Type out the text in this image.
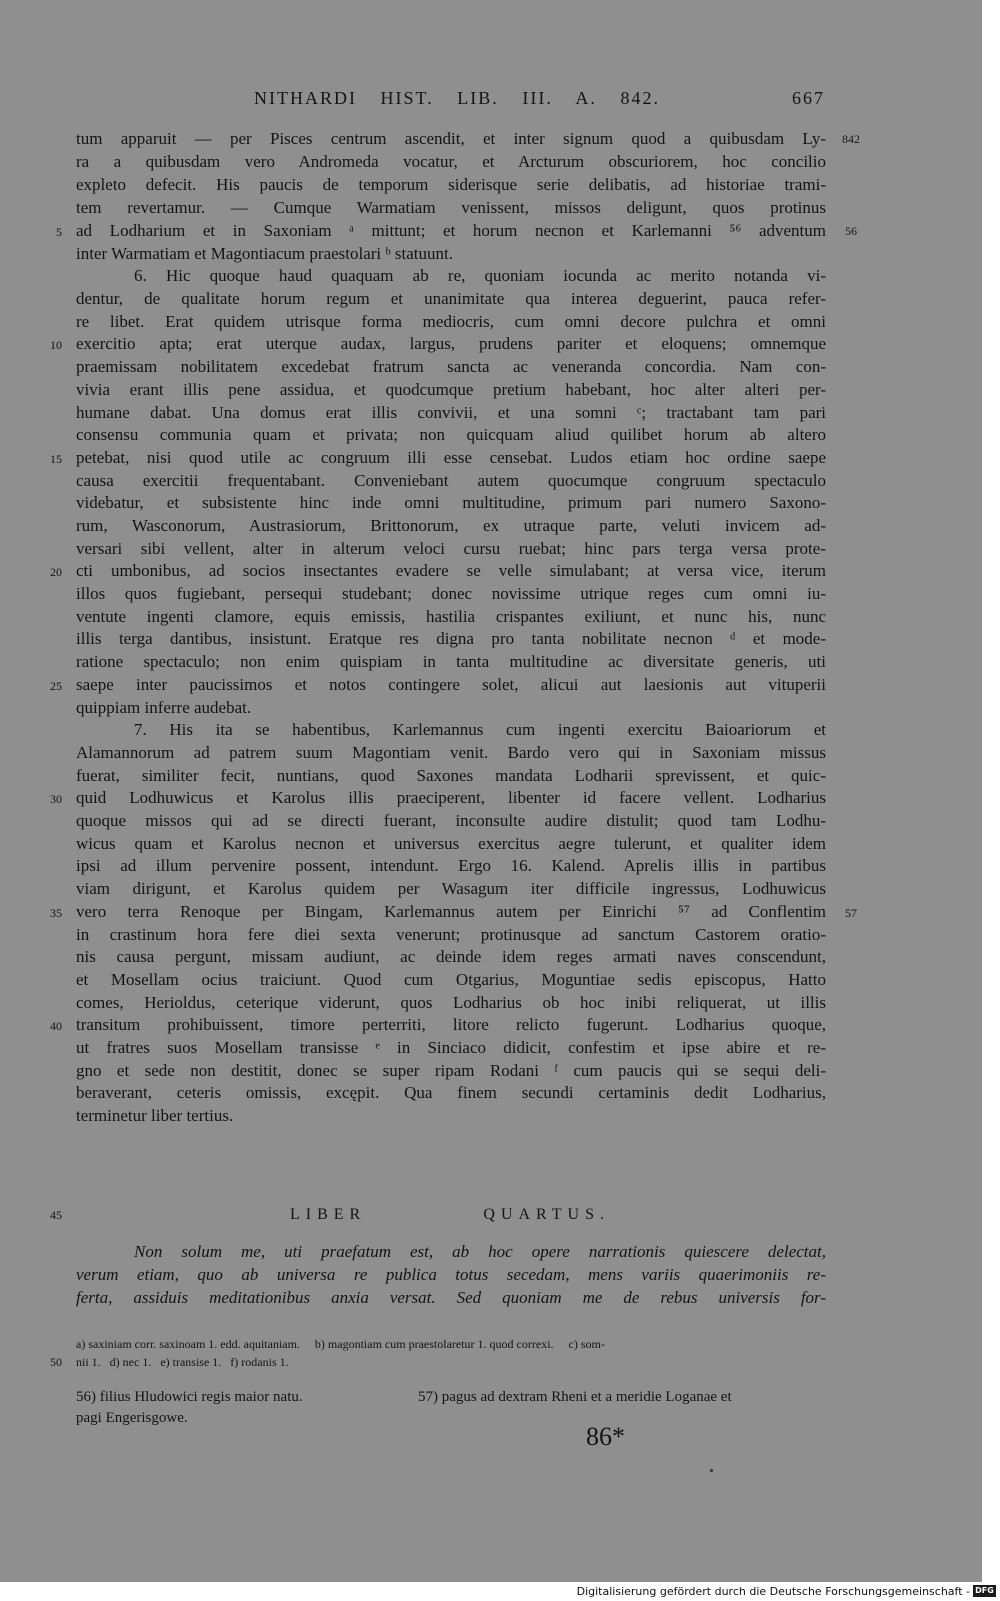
NITHARDI HIST. LIB. III. A. 842.	667
tum apparuit — per Pisces centrum ascendit, et inter signum quod a quibusdam Ly-
ra a quibusdam vero Andromeda vocatur, et Arcturum obscuriorem, hoc concilio
expleto defecit. His paucis de temporum siderisque serie delibatis, ad historiae trami-
tem revertamur. — Cumque Warmatiam venissent, missos deligunt, quos protinus
ad Lodharium et in Saxoniam ᵃ mittunt; et horum necnon et Karlemanni ⁵⁶ adventum
inter Warmatiam et Magontiacum praestolari ᵇ statuunt.
6. Hic quoque haud quaquam ab re, quoniam iocunda ac merito notanda vi-
dentur, de qualitate horum regum et unanimitate qua interea deguerint, pauca refer-
re libet. Erat quidem utrisque forma mediocris, cum omni decore pulchra et omni
exercitio apta; erat uterque audax, largus, prudens pariter et eloquens; omnemque
praemissam nobilitatem excedebat fratrum sancta ac veneranda concordia. Nam con-
vivia erant illis pene assidua, et quodcumque pretium habebant, hoc alter alteri per-
humane dabat. Una domus erat illis convivii, et una somni ᶜ; tractabant tam pari
consensu communia quam et privata; non quicquam aliud quilibet horum ab altero
petebat, nisi quod utile ac congruum illi esse censebat. Ludos etiam hoc ordine saepe
causa exercitii frequentabant. Conveniebant autem quocumque congruum spectaculo
videbatur, et subsistente hinc inde omni multitudine, primum pari numero Saxono-
rum, Wasconorum, Austrasiorum, Brittonorum, ex utraque parte, veluti invicem ad-
versari sibi vellent, alter in alterum veloci cursu ruebat; hinc pars terga versa prote-
cti umbonibus, ad socios insectantes evadere se velle simulabant; at versa vice, iterum
illos quos fugiebant, persequi studebant; donec novissime utrique reges cum omni iu-
ventute ingenti clamore, equis emissis, hastilia crispantes exiliunt, et nunc his, nunc
illis terga dantibus, insistunt. Eratque res digna pro tanta nobilitate necnon ᵈ et mode-
ratione spectaculo; non enim quispiam in tanta multitudine ac diversitate generis, uti
saepe inter paucissimos et notos contingere solet, alicui aut laesionis aut vituperii
quippiam inferre audebat.
7. His ita se habentibus, Karlemannus cum ingenti exercitu Baioariorum et
Alamannorum ad patrem suum Magontiam venit. Bardo vero qui in Saxoniam missus
fuerat, similiter fecit, nuntians, quod Saxones mandata Lodharii sprevissent, et quic-
quid Lodhuwicus et Karolus illis praeciperent, libenter id facere vellent. Lodharius
quoque missos qui ad se directi fuerant, inconsulte audire distulit; quod tam Lodhu-
wicus quam et Karolus necnon et universus exercitus aegre tulerunt, et qualiter idem
ipsi ad illum pervenire possent, intendunt. Ergo 16. Kalend. Aprelis illis in partibus
viam dirigunt, et Karolus quidem per Wasagum iter difficile ingressus, Lodhuwicus
vero terra Renoque per Bingam, Karlemannus autem per Einrichi ⁵⁷ ad Conflentim
in crastinum hora fere diei sexta venerunt; protinusque ad sanctum Castorem oratio-
nis causa pergunt, missam audiunt, ac deinde idem reges armati naves conscendunt,
et Mosellam ocius traiciunt. Quod cum Otgarius, Moguntiae sedis episcopus, Hatto
comes, Herioldus, ceterique viderunt, quos Lodharius ob hoc inibi reliquerat, ut illis
transitum prohibuissent, timore perterriti, litore relicto fugerunt. Lodharius quoque,
ut fratres suos Mosellam transisse ᵉ in Sinciaco didicit, confestim et ipse abire et re-
gno et sede non destitit, donec se super ripam Rodani ᶠ cum paucis qui se sequi deli-
beraverant, ceteris omissis, excępit. Qua finem secundi certaminis dedit Lodharius,
terminetur liber tertius.
5
10
15
20
25
30
35
40
45
50
842
56
57
LIBER QUARTUS.
Non solum me, uti praefatum est, ab hoc opere narrationis quiescere delectat,
verum etiam, quo ab universa re publica totus secedam, mens variis quaerimoniis re-
ferta, assiduis meditationibus anxia versat. Sed quoniam me de rebus universis for-
a) saxiniam corr. saxinoam 1. edd. aquitaniam.     b) magontiam cum praestolaretur 1. quod correxi.     c) som-
nii 1.   d) nec 1.   e) transise 1.   f) rodanis 1.
56) filius Hludowici regis maior natu.	57) pagus ad dextram Rheni et a meridie Loganae et
pagi Engerisgowe.
86*
Digitalisierung gefördert durch die Deutsche Forschungsgemeinschaft - DFG
